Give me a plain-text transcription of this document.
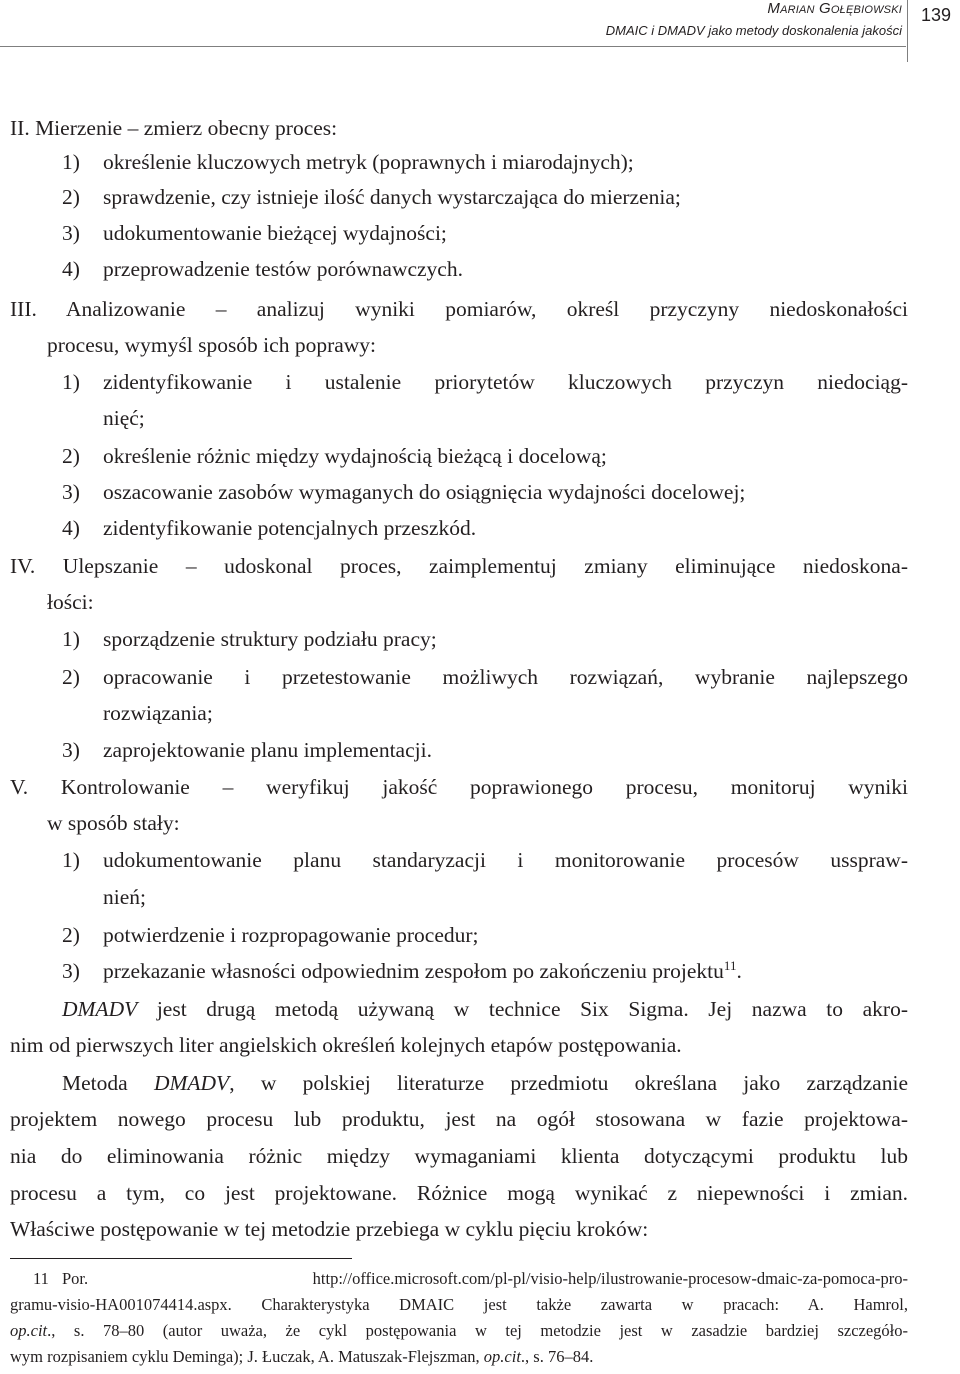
Marian Gołębiowski
DMAIC i DMADV jako metody doskonalenia jakości
139
II. Mierzenie – zmierz obecny proces:
1) określenie kluczowych metryk (poprawnych i miarodajnych);
2) sprawdzenie, czy istnieje ilość danych wystarczająca do mierzenia;
3) udokumentowanie bieżącej wydajności;
4) przeprowadzenie testów porównawczych.
III. Analizowanie – analizuj wyniki pomiarów, określ przyczyny niedoskonałości
procesu, wymyśl sposób ich poprawy:
1) zidentyfikowanie i ustalenie priorytetów kluczowych przyczyn niedociąg-
nięć;
2) określenie różnic między wydajnością bieżącą i docelową;
3) oszacowanie zasobów wymaganych do osiągnięcia wydajności docelowej;
4) zidentyfikowanie potencjalnych przeszkód.
IV. Ulepszanie – udoskonal proces, zaimplementuj zmiany eliminujące niedoskona-
łości:
1) sporządzenie struktury podziału pracy;
2) opracowanie i przetestowanie możliwych rozwiązań, wybranie najlepszego
rozwiązania;
3) zaprojektowanie planu implementacji.
V. Kontrolowanie – weryfikuj jakość poprawionego procesu, monitoruj wyniki
w sposób stały:
1) udokumentowanie planu standaryzacji i monitorowanie procesów usspraw-
nień;
2) potwierdzenie i rozpropagowanie procedur;
3) przekazanie własności odpowiednim zespołom po zakończeniu projektu$^{11}$.
DMADV jest drugą metodą używaną w technice Six Sigma. Jej nazwa to akro-
nim od pierwszych liter angielskich określeń kolejnych etapów postępowania.
Metoda DMADV, w polskiej literaturze przedmiotu określana jako zarządzanie
projektem nowego procesu lub produktu, jest na ogół stosowana w fazie projektowa-
nia do eliminowania różnic między wymaganiami klienta dotyczącymi produktu lub
procesu a tym, co jest projektowane. Różnice mogą wynikać z niepewności i zmian.
Właściwe postępowanie w tej metodzie przebiega w cyklu pięciu kroków:
11 Por. http://office.microsoft.com/pl-pl/visio-help/ilustrowanie-procesow-dmaic-za-pomoca-pro-
gramu-visio-HA001074414.aspx. Charakterystyka DMAIC jest także zawarta w pracach: A. Hamrol,
op.cit., s. 78–80 (autor uważa, że cykl postępowania w tej metodzie jest w zasadzie bardziej szczegóło-
wym rozpisaniem cyklu Deminga); J. Łuczak, A. Matuszak-Flejszman, op.cit., s. 76–84.
